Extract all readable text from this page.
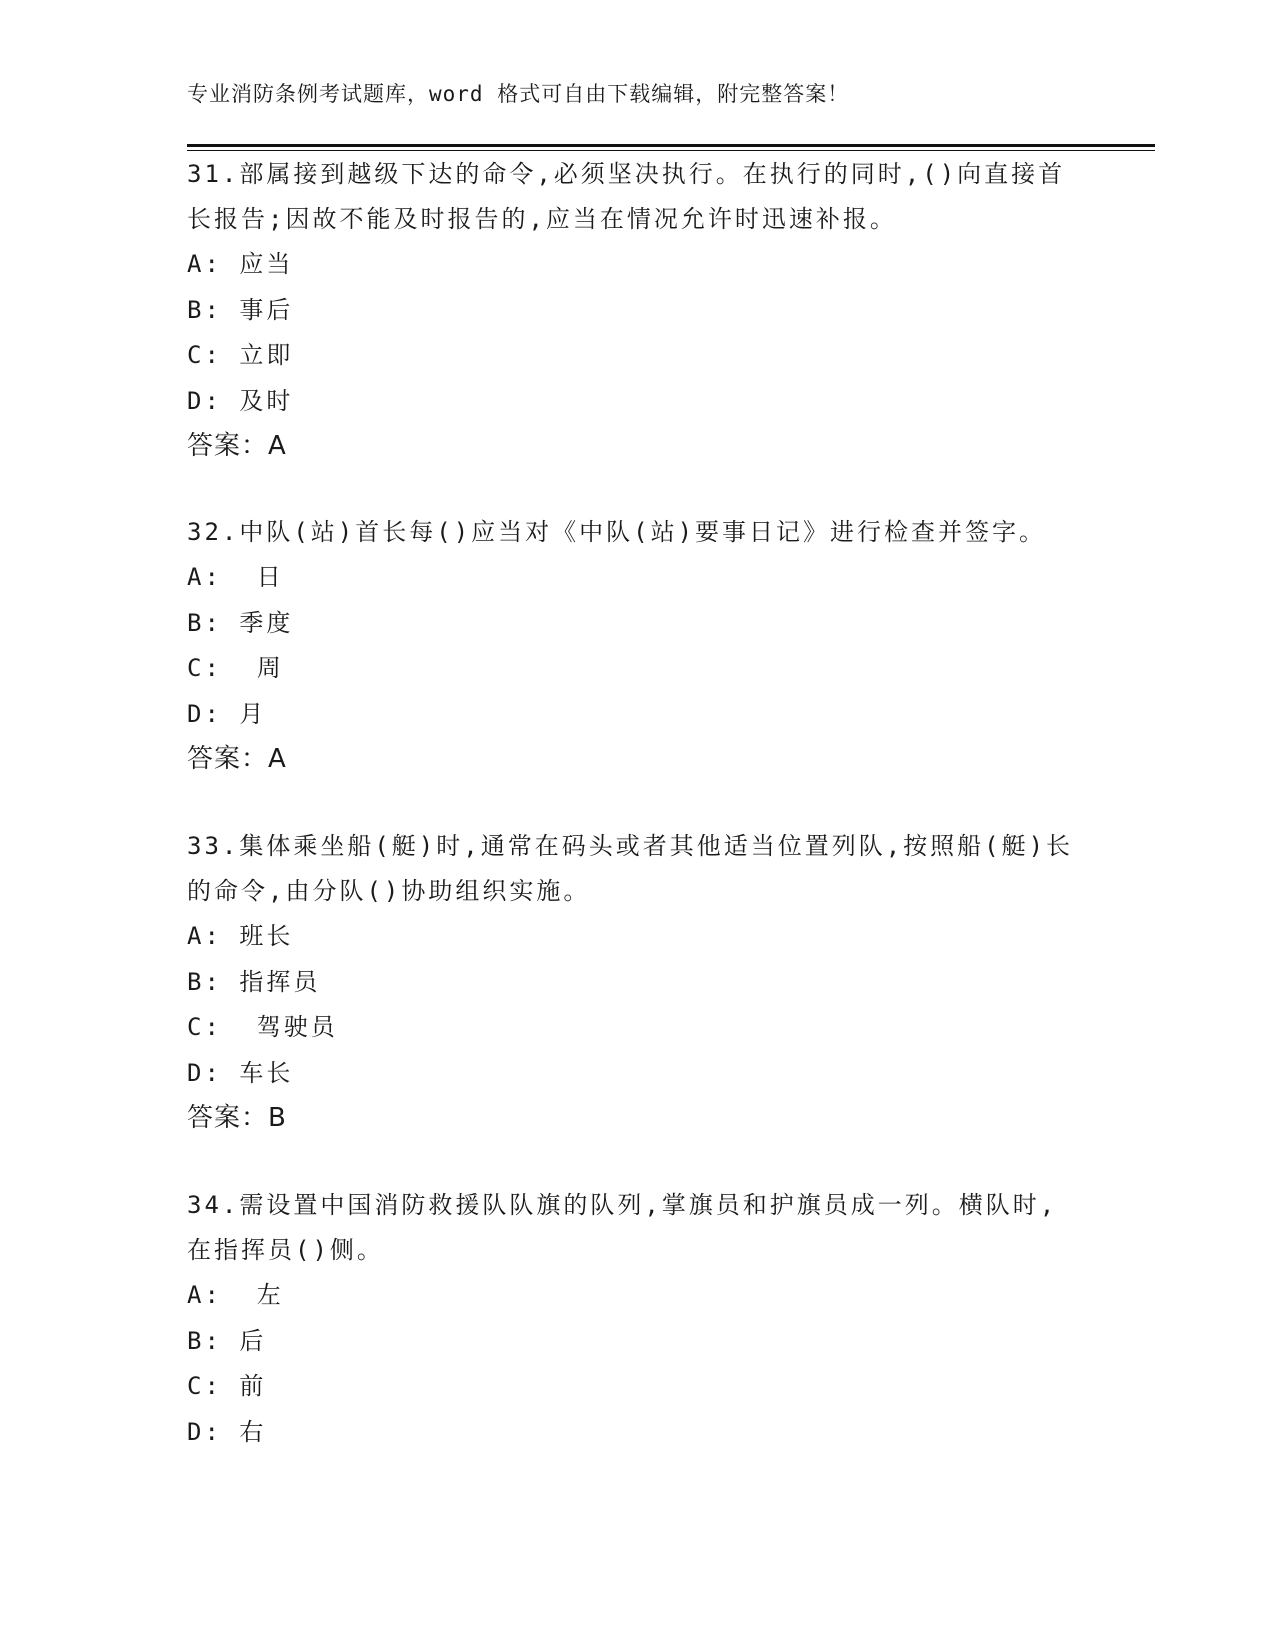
专业消防条例考试题库，word 格式可自由下载编辑，附完整答案！

31.部属接到越级下达的命令,必须坚决执行。在执行的同时,()向直接首长报告;因故不能及时报告的,应当在情况允许时迅速补报。

A: 应当

B: 事后

C: 立即

D: 及时

答案：A

32.中队(站)首长每()应当对《中队(站)要事日记》进行检查并签字。

A:  日

B: 季度

C:  周

D: 月

答案：A

33.集体乘坐船(艇)时,通常在码头或者其他适当位置列队,按照船(艇)长的命令,由分队()协助组织实施。

A: 班长

B: 指挥员

C:  驾驶员

D: 车长

答案：B

34.需设置中国消防救援队队旗的队列,掌旗员和护旗员成一列。横队时,在指挥员()侧。

A:  左

B: 后

C: 前

D: 右
